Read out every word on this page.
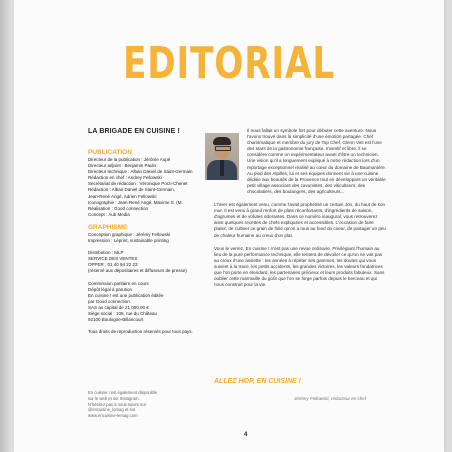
EDITORIAL
LA BRIGADE EN CUISINE !
PUBLICATION
Directeur de la publication : Jérôme Aupé
Directeur adjoint : Benjamin Paulo
Directeur technique : Alban Daniel de Saint-Germain
Rédaction en chef : Andrey Fellowski
Secrétariat de rédaction : Véronique Porzi-Chenet
Rédaction : Alban Daniel de Saint-Germain,
Jean-René Angé, Adrien Fellowski
Iconographie : Jean-René Angé, Maxime S. (M.
Réalisation : Good connection
Concept : Aub Media
GRAPHISME
Conception graphique : Jérémy Fellowski
Impression : Léprint, sustainable printing
Distribution : MLP
SERVICE DES VENTES
OPPER : 01 40 94 22 23
(réservé aux dépositaires et diffuseurs de presse)
Commission paritaire en cours
Dépôt légal à parution
En cuisine ! est une publication éditée
par Good connection
SAS au capital de 21 000,00 €
Siège social : 106, rue du Château
92100 Boulogne-Billancourt
Tous droits de reproduction réservés pour tous pays.

Il nous fallait un symbole fort pour débuter cette aventure. Nous l'avons trouvé dans la simplicité d'une émotion partagée. Chef charismatique et membre du jury de Top Chef, Glenn Viel est l'une des stars de la gastronomie française. Inventif et libre, il se considère comme un expérimentateur avant d'être un technicien. Une vision qu'il a longuement expliqué à notre rédaction lors d'un reportage exceptionnel réalisé au cœur du domaine de Baumanière. Au pied des Alpilles, lui et ses équipes donnent vie à une cuisine dédiée aux beautés de la Provence tout en développant un véritable petit village associant des cavunistes, des viticulteurs, des chocolatiers, des boulangers, des agriculteurs...

L'hiver est également venu, comme l'avait prophétisé un certain Jon, du haut de son mur. Il est venu à grand renfort de plats réconfortants, d'ingrédients de saison, d'agrumes et de volutes odorantes. Dans ce numéro inaugural, vous retrouverez ainsi quelques recettes de chefs expliquées et accessibles. L'occasion de faire plaisir, de cultiver ce grain de folie qu'on a tous au fond du coeur, de partager un peu de chaleur humaine au creux d'un plat.

Vous le verrez, En cuisine ! n'est pas une revue ordinaire. Privilégiant l'humain au lieu de la pure performance technique, elle tentera de dévoiler ce qu'on ne voit pas au creux d'une assiette : les années à répéter ses gammes, les doutes qui vous suivent à la trace, les petits accidents, les grandes victoires, les valeurs fondatrices que l'on porte en étendard, les partenaires précieux et leurs produits fabuleux. Sans oublier cette marmaille du goût que l'on se forge parfois depuis le berceau et qui nous construit pour la vie.

ALLEZ HOP, EN CUISINE !
Jérémy Fellowski, rédacteur en chef
En cuisine ! est également disponible
sur le web et sur Instagram.
N'hésitez pas à nous suivre sur
@encuisine_lemag et sur
www.encuisine-lemag.com
4
